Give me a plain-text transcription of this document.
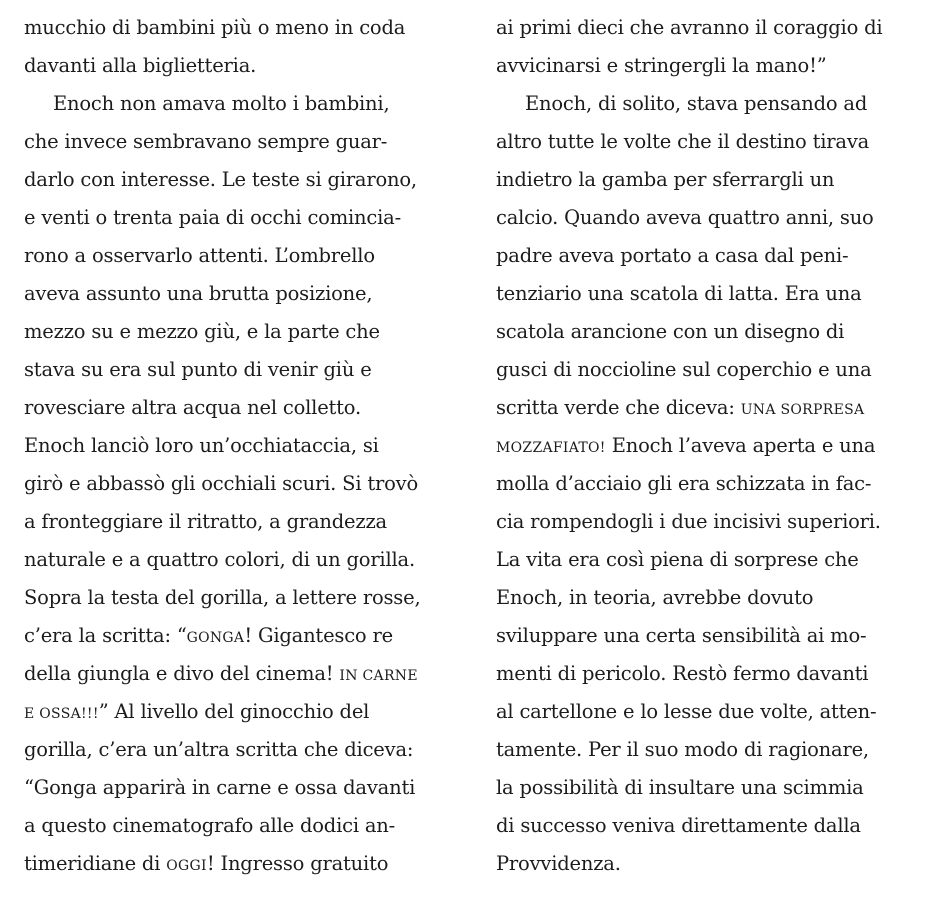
mucchio di bambini più o meno in coda
davanti alla biglietteria.
Enoch non amava molto i bambini,
che invece sembravano sempre guar-
darlo con interesse. Le teste si girarono,
e venti o trenta paia di occhi comincia-
rono a osservarlo attenti. L’ombrello
aveva assunto una brutta posizione,
mezzo su e mezzo giù, e la parte che
stava su era sul punto di venir giù e
rovesciare altra acqua nel colletto.
Enoch lanciò loro un’occhiataccia, si
girò e abbassò gli occhiali scuri. Si trovò
a fronteggiare il ritratto, a grandezza
naturale e a quattro colori, di un gorilla.
Sopra la testa del gorilla, a lettere rosse,
c’era la scritta: “GONGA! Gigantesco re
della giungla e divo del cinema! IN CARNE
E OSSA!!!” Al livello del ginocchio del
gorilla, c’era un’altra scritta che diceva:
“Gonga apparirà in carne e ossa davanti
a questo cinematografo alle dodici an-
timeridiane di OGGI! Ingresso gratuito
ai primi dieci che avranno il coraggio di
avvicinarsi e stringergli la mano!”
Enoch, di solito, stava pensando ad
altro tutte le volte che il destino tirava
indietro la gamba per sferrargli un
calcio. Quando aveva quattro anni, suo
padre aveva portato a casa dal peni-
tenziario una scatola di latta. Era una
scatola arancione con un disegno di
gusci di noccioline sul coperchio e una
scritta verde che diceva: UNA SORPRESA
MOZZAFIATO! Enoch l’aveva aperta e una
molla d’acciaio gli era schizzata in fac-
cia rompendogli i due incisivi superiori.
La vita era così piena di sorprese che
Enoch, in teoria, avrebbe dovuto
sviluppare una certa sensibilità ai mo-
menti di pericolo. Restò fermo davanti
al cartellone e lo lesse due volte, atten-
tamente. Per il suo modo di ragionare,
la possibilità di insultare una scimmia
di successo veniva direttamente dalla
Provvidenza.
